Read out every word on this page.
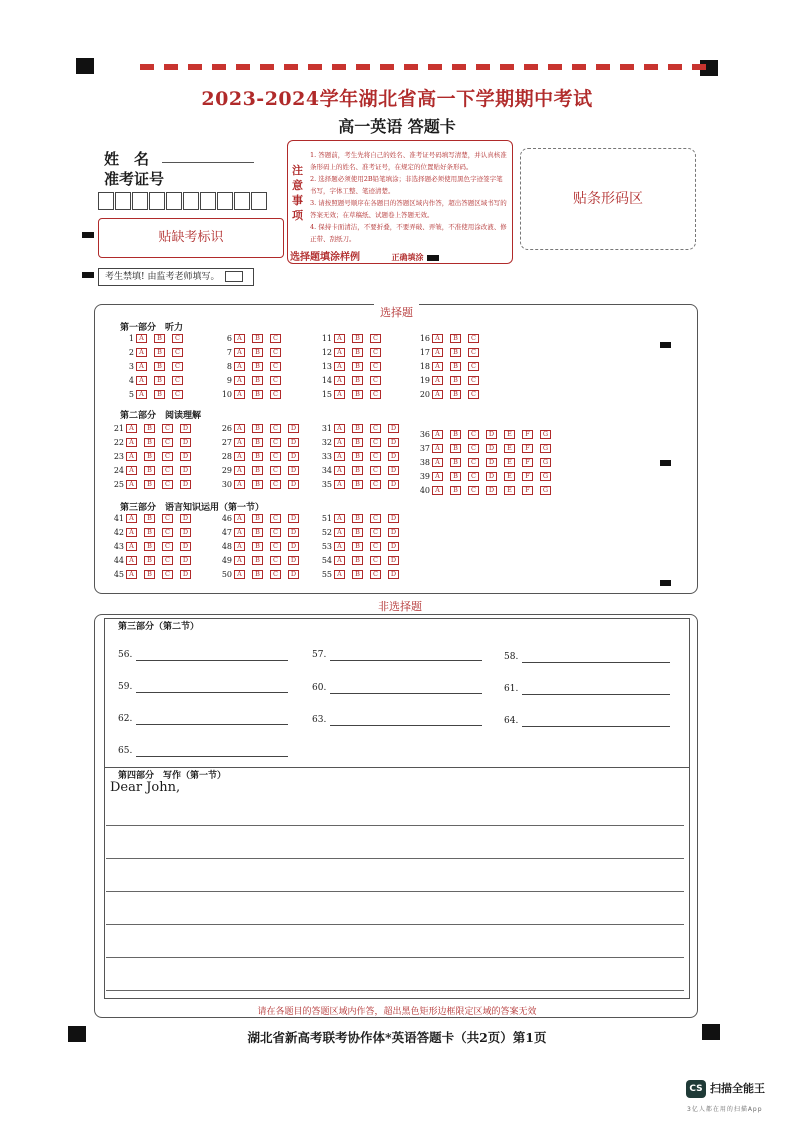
2023-2024学年湖北省高一下学期期中考试
高一英语 答题卡
姓　名
准考证号
贴缺考标识
注意事项

1. 答题前，考生先将自己的姓名、准考证号码填写清楚，并认真核准条形码上的姓名、准考证号，在规定的位置贴好条形码。

2. 选择题必须使用2B铅笔填涂；非选择题必须使用黑色字迹签字笔书写，字体工整、笔迹清楚。

3. 请按照题号顺序在各题目的答题区域内作答，超出答题区域书写的答案无效；在草稿纸、试题卷上答题无效。

4. 保持卡面清洁，不要折叠，不要弄破、弄皱，不准使用涂改液、修正带、刮纸刀。

选择题填涂样例	正确填涂
贴条形码区
考生禁填! 由监考老师填写。
选择题
第一部分　听力
第二部分　阅读理解
第三部分　语言知识运用（第一节）
1 A	B	C
2 A	B	C
3 A	B	C
4 A	B	C
5 A	B	C
6 A	B	C
7 A	B	C
8 A	B	C
9 A	B	C
10 A	B	C
11 A	B	C
12 A	B	C
13 A	B	C
14 A	B	C
15 A	B	C
16 A	B	C
17 A	B	C
18 A	B	C
19 A	B	C
20 A	B	C
21 A	B	C	D
22 A	B	C	D
23 A	B	C	D
24 A	B	C	D
25 A	B	C	D
26 A	B	C	D
27 A	B	C	D
28 A	B	C	D
29 A	B	C	D
30 A	B	C	D
31 A	B	C	D
32 A	B	C	D
33 A	B	C	D
34 A	B	C	D
35 A	B	C	D
36 A	B	C	D	E	F	G
37 A	B	C	D	E	F	G
38 A	B	C	D	E	F	G
39 A	B	C	D	E	F	G
40 A	B	C	D	E	F	G
41 A	B	C	D
42 A	B	C	D
43 A	B	C	D
44 A	B	C	D
45 A	B	C	D
46 A	B	C	D
47 A	B	C	D
48 A	B	C	D
49 A	B	C	D
50 A	B	C	D
51 A	B	C	D
52 A	B	C	D
53 A	B	C	D
54 A	B	C	D
55 A	B	C	D
非选择题
第三部分（第二节）
56.	57.	58.
59.	60.	61.
62.	63.	64.
65.
第四部分　写作（第一节）
Dear John,
请在各题目的答题区域内作答，超出黑色矩形边框限定区域的答案无效
湖北省新高考联考协作体*英语答题卡（共2页）第1页
CS 扫描全能王
3亿人都在用的扫描App
